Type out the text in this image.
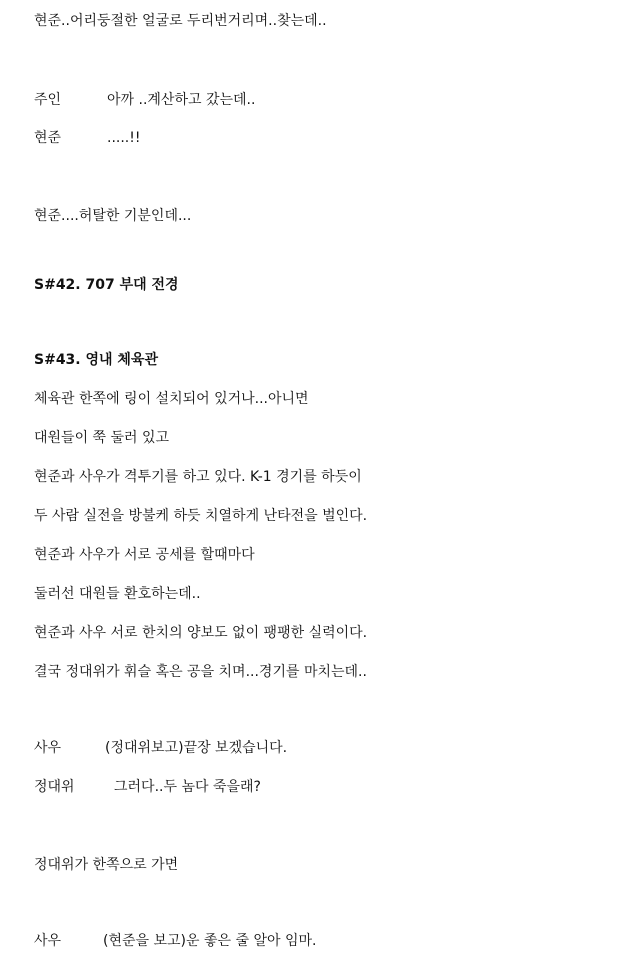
현준..어리둥절한 얼굴로 두리번거리며..찾는데..
주인	아까 ..계산하고 갔는데..
현준	.....!!
현준....허탈한 기분인데...
S#42. 707 부대 전경
S#43. 영내 체육관
체육관 한쪽에 링이 설치되어 있거나...아니면
대원들이 쭉 둘러 있고
현준과 사우가 격투기를 하고 있다. K-1 경기를 하듯이
두 사람 실전을 방불케 하듯 치열하게 난타전을 벌인다.
현준과 사우가 서로 공세를 할때마다
둘러선 대원들 환호하는데..
현준과 사우 서로 한치의 양보도 없이 팽팽한 실력이다.
결국 정대위가 휘슬 혹은 공을 치며...경기를 마치는데..
사우	(정대위보고)끝장 보겠습니다.
정대위	그러다..두 놈다 죽을래?
정대위가 한쪽으로 가면
사우	(현준을 보고)운 좋은 줄 알아 임마.
